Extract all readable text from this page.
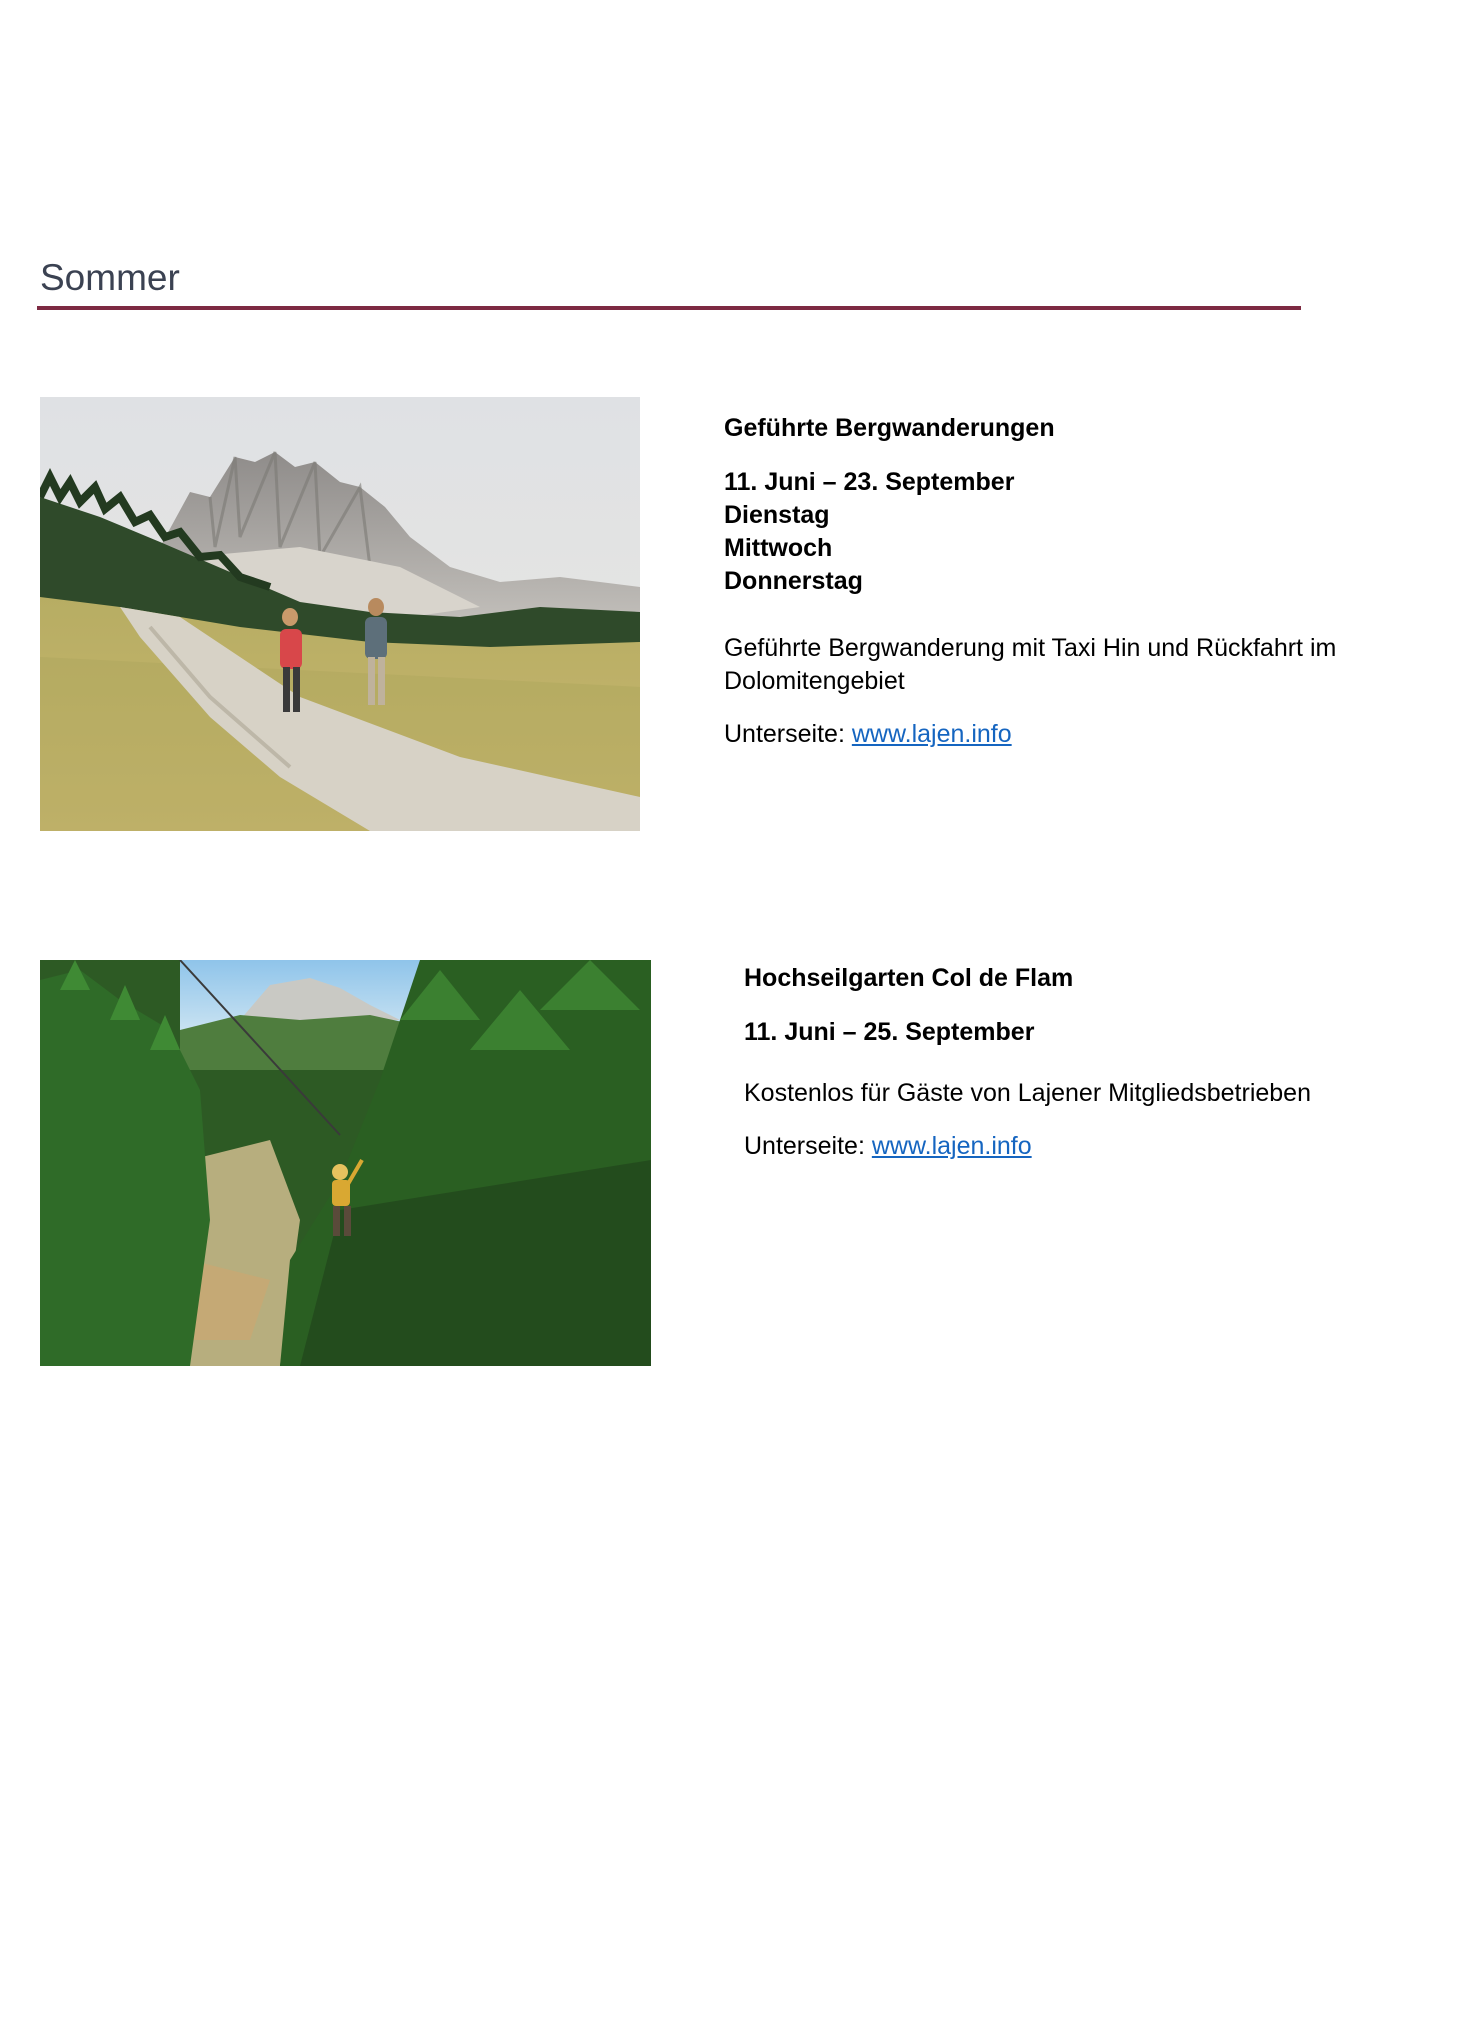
Sommer
Geführte Bergwanderungen
11. Juni – 23. September
Dienstag
Mittwoch
Donnerstag
Geführte Bergwanderung mit Taxi Hin und Rückfahrt im Dolomitengebiet
Unterseite: www.lajen.info
Hochseilgarten Col de Flam
11. Juni – 25. September
Kostenlos für Gäste von Lajener Mitgliedsbetrieben
Unterseite: www.lajen.info
